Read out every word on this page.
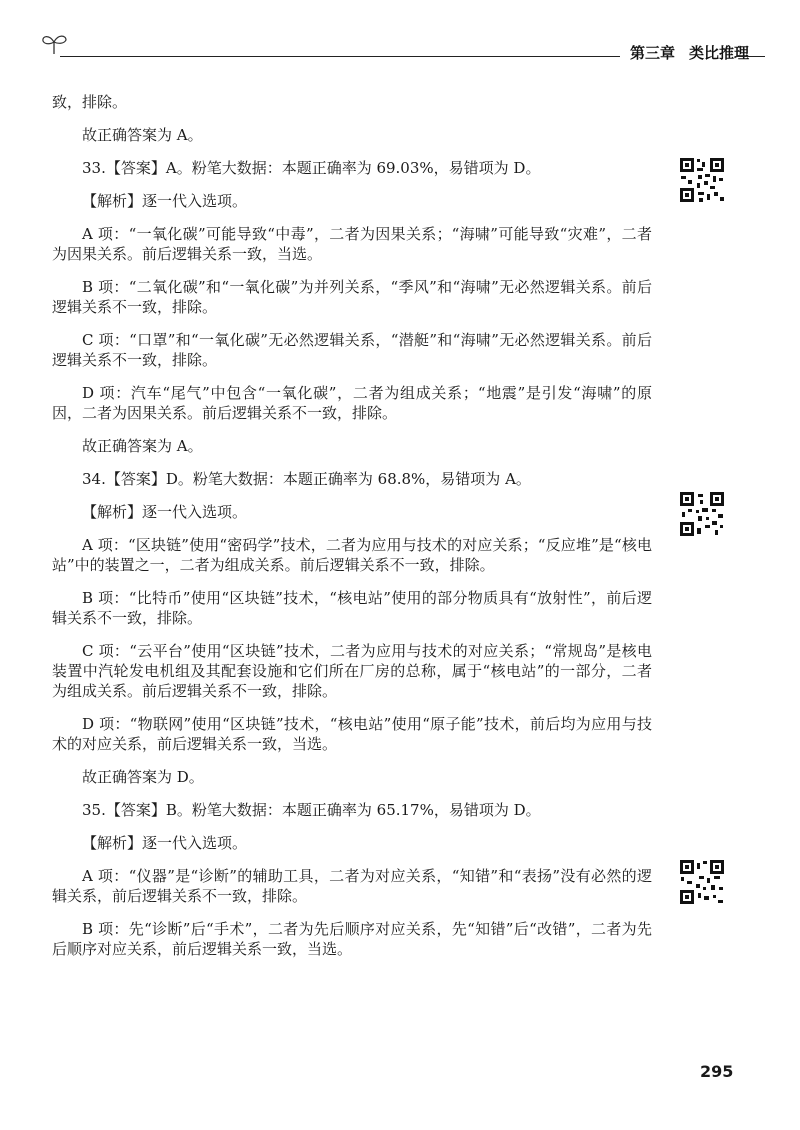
第三章 类比推理
致，排除。
故正确答案为 A。
33.【答案】A。粉笔大数据：本题正确率为 69.03%，易错项为 D。
【解析】逐一代入选项。
A 项：“一氧化碳”可能导致“中毒”，二者为因果关系；“海啸”可能导致“灾难”，二者为因果关系。前后逻辑关系一致，当选。
B 项：“二氧化碳”和“一氧化碳”为并列关系，“季风”和“海啸”无必然逻辑关系。前后逻辑关系不一致，排除。
C 项：“口罩”和“一氧化碳”无必然逻辑关系，“潜艇”和“海啸”无必然逻辑关系。前后逻辑关系不一致，排除。
D 项：汽车“尾气”中包含“一氧化碳”，二者为组成关系；“地震”是引发“海啸”的原因，二者为因果关系。前后逻辑关系不一致，排除。
故正确答案为 A。
34.【答案】D。粉笔大数据：本题正确率为 68.8%，易错项为 A。
【解析】逐一代入选项。
A 项：“区块链”使用“密码学”技术，二者为应用与技术的对应关系；“反应堆”是“核电站”中的装置之一，二者为组成关系。前后逻辑关系不一致，排除。
B 项：“比特币”使用“区块链”技术，“核电站”使用的部分物质具有“放射性”，前后逻辑关系不一致，排除。
C 项：“云平台”使用“区块链”技术，二者为应用与技术的对应关系；“常规岛”是核电装置中汽轮发电机组及其配套设施和它们所在厂房的总称，属于“核电站”的一部分，二者为组成关系。前后逻辑关系不一致，排除。
D 项：“物联网”使用“区块链”技术，“核电站”使用“原子能”技术，前后均为应用与技术的对应关系，前后逻辑关系一致，当选。
故正确答案为 D。
35.【答案】B。粉笔大数据：本题正确率为 65.17%，易错项为 D。
【解析】逐一代入选项。
A 项：“仪器”是“诊断”的辅助工具，二者为对应关系，“知错”和“表扬”没有必然的逻辑关系，前后逻辑关系不一致，排除。
B 项：先“诊断”后“手术”，二者为先后顺序对应关系，先“知错”后“改错”，二者为先后顺序对应关系，前后逻辑关系一致，当选。
295
